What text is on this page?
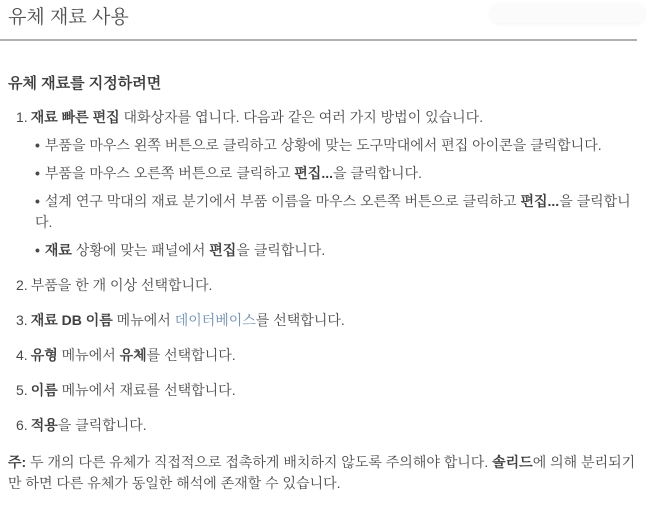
유체 재료 사용
유체 재료를 지정하려면
1. 재료 빠른 편집 대화상자를 엽니다. 다음과 같은 여러 가지 방법이 있습니다.
• 부품을 마우스 왼쪽 버튼으로 클릭하고 상황에 맞는 도구막대에서 편집 아이콘을 클릭합니다.
• 부품을 마우스 오른쪽 버튼으로 클릭하고 편집...을 클릭합니다.
• 설계 연구 막대의 재료 분기에서 부품 이름을 마우스 오른쪽 버튼으로 클릭하고 편집...을 클릭합니다.
• 재료 상황에 맞는 패널에서 편집을 클릭합니다.
2. 부품을 한 개 이상 선택합니다.
3. 재료 DB 이름 메뉴에서 데이터베이스를 선택합니다.
4. 유형 메뉴에서 유체를 선택합니다.
5. 이름 메뉴에서 재료를 선택합니다.
6. 적용을 클릭합니다.
주: 두 개의 다른 유체가 직접적으로 접촉하게 배치하지 않도록 주의해야 합니다. 솔리드에 의해 분리되기만 하면 다른 유체가 동일한 해석에 존재할 수 있습니다.
